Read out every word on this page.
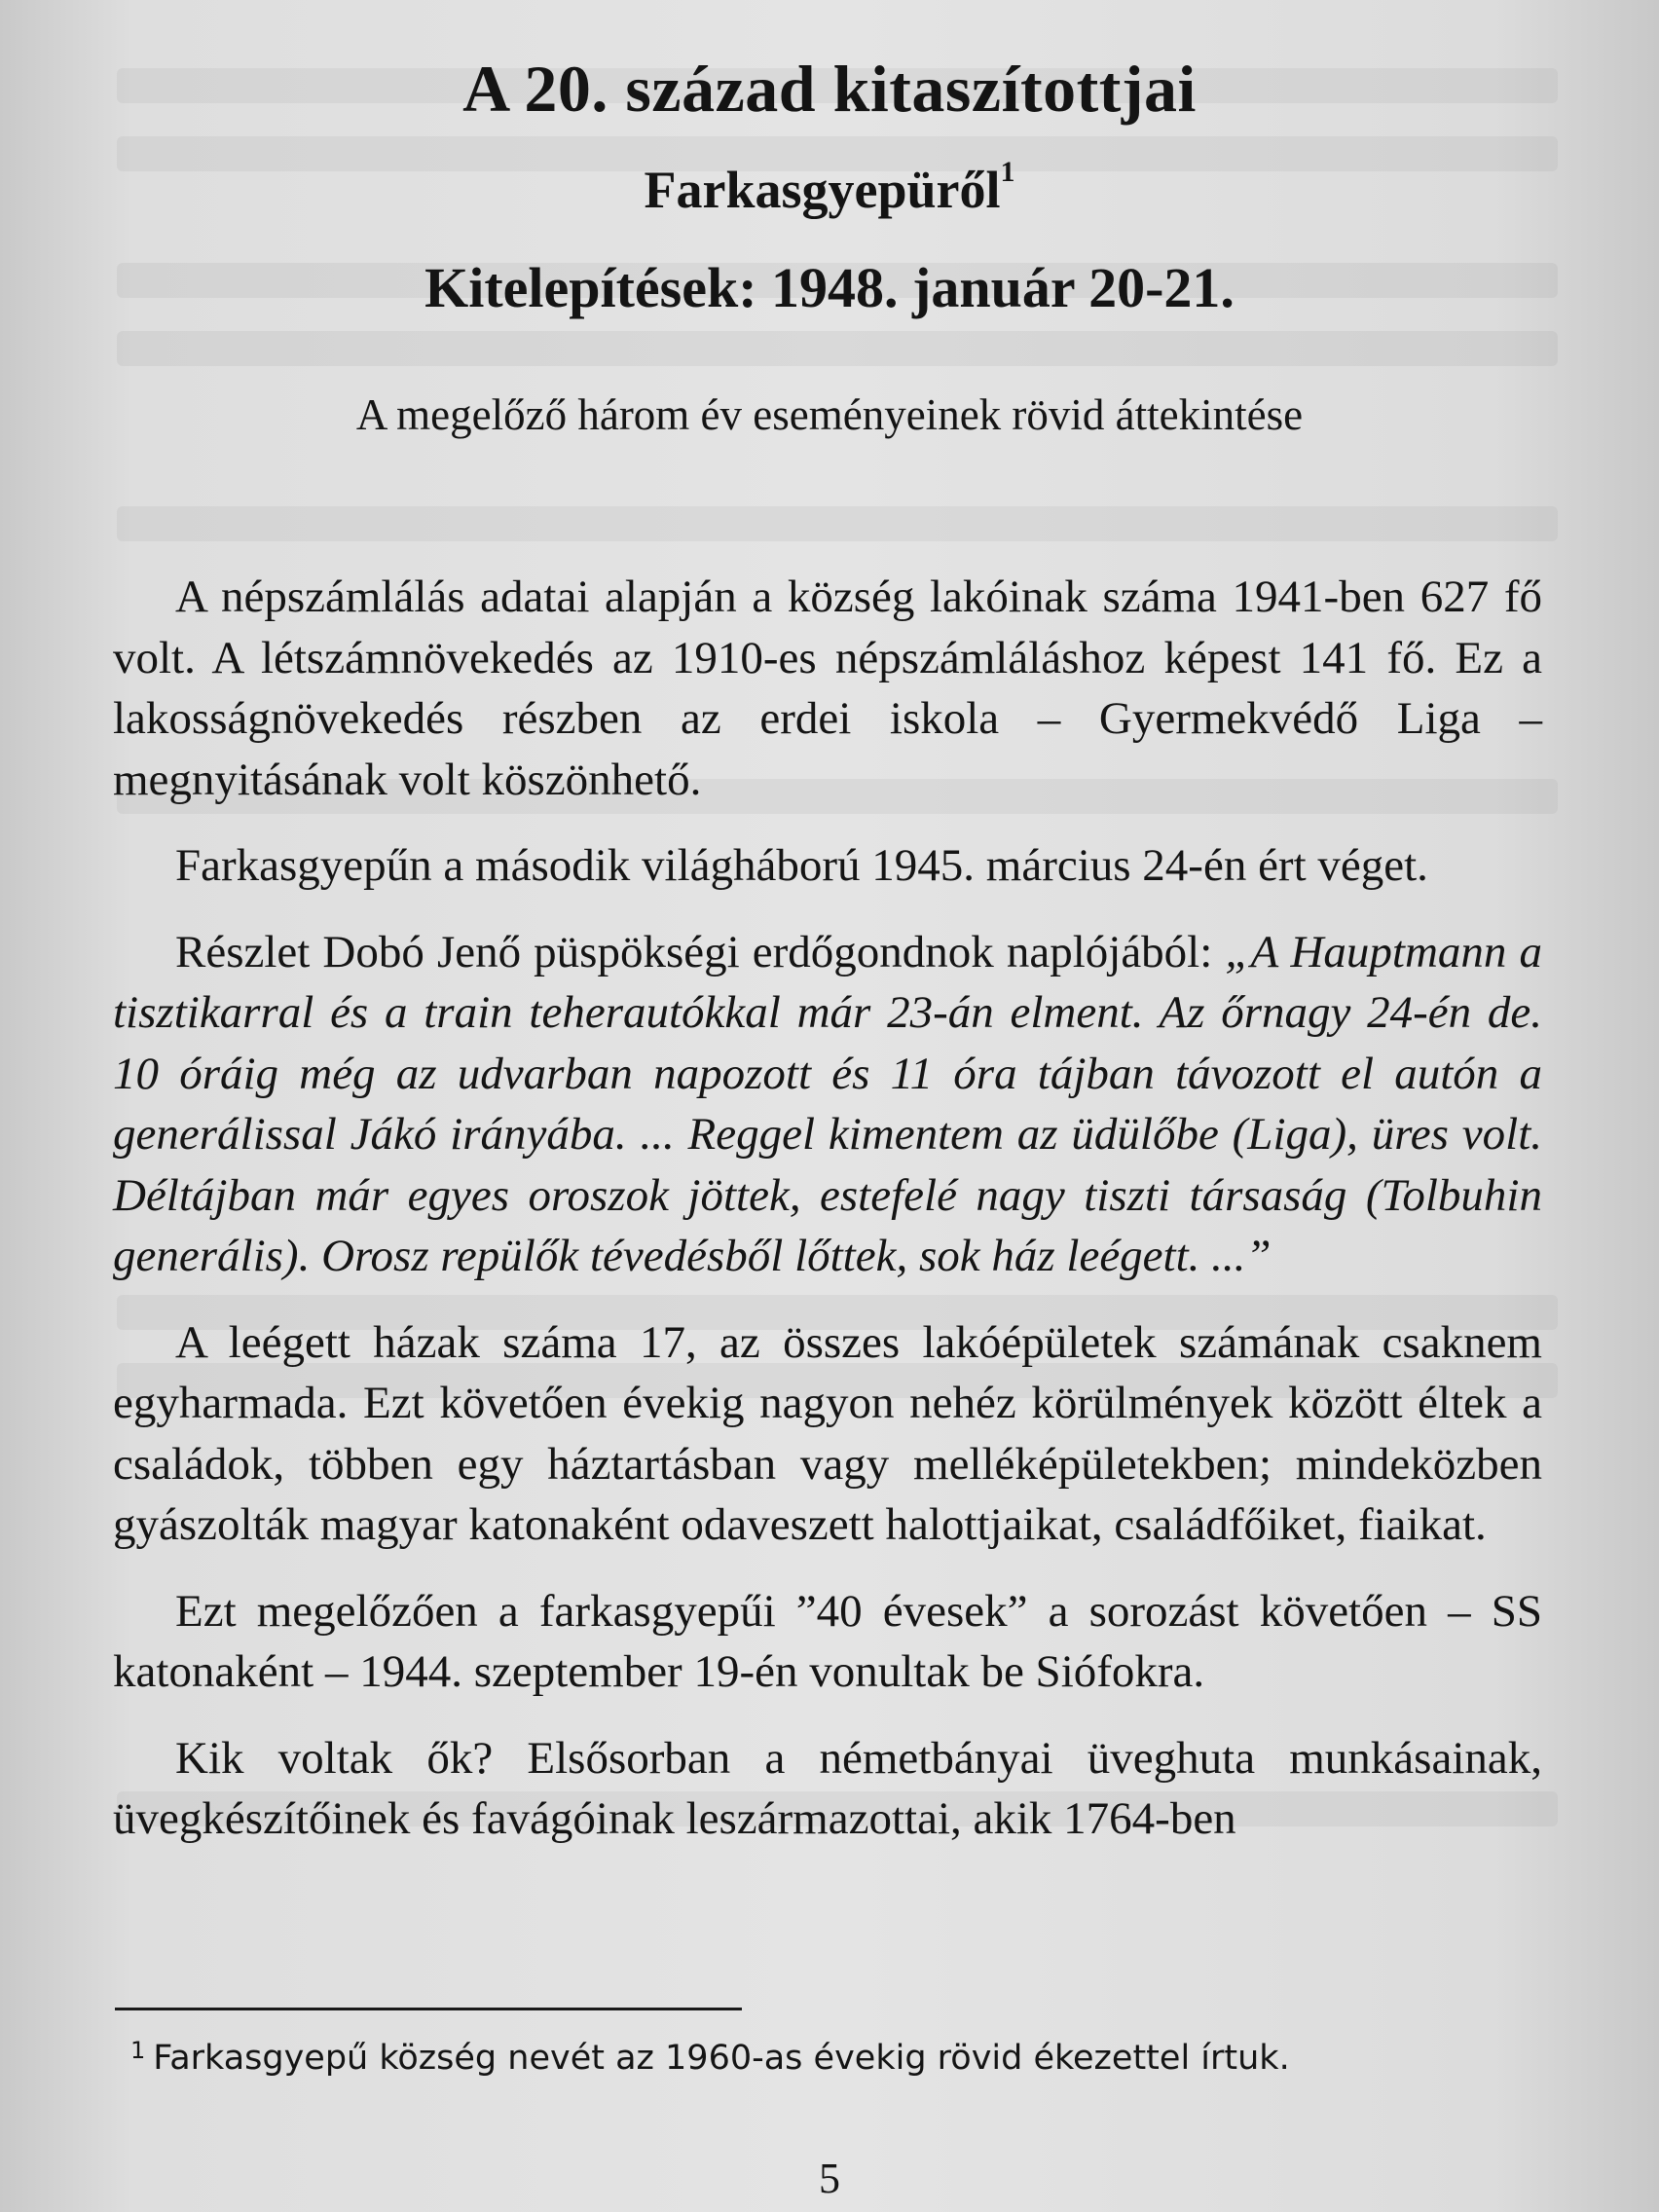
A 20. század kitaszítottjai
Farkasgyepüről$^1$
Kitelepítések: 1948. január 20-21.

A megelőző három év eseményeinek rövid áttekintése

A népszámlálás adatai alapján a község lakóinak száma 1941-ben 627 fő volt. A létszámnövekedés az 1910-es népszámláláshoz képest 141 fő. Ez a lakosságnövekedés részben az erdei iskola – Gyermekvédő Liga – megnyitásának volt köszönhető.

Farkasgyepűn a második világháború 1945. március 24-én ért véget.

Részlet Dobó Jenő püspökségi erdőgondnok naplójából: „A Hauptmann a tisztikarral és a train teherautókkal már 23-án elment. Az őrnagy 24-én de. 10 óráig még az udvarban napozott és 11 óra tájban távozott el autón a generálissal Jákó irányába. ... Reggel kimentem az üdülőbe (Liga), üres volt. Déltájban már egyes oroszok jöttek, estefelé nagy tiszti társaság (Tolbuhin generális). Orosz repülők tévedésből lőttek, sok ház leégett. ...”

A leégett házak száma 17, az összes lakóépületek számának csaknem egyharmada. Ezt követően évekig nagyon nehéz körülmények között éltek a családok, többen egy háztartásban vagy melléképületekben; mindeközben gyászolták magyar katonaként odaveszett halottjaikat, családfőiket, fiaikat.

Ezt megelőzően a farkasgyepűi ”40 évesek” a sorozást követően – SS katonaként – 1944. szeptember 19-én vonultak be Siófokra.

Kik voltak ők? Elsősorban a németbányai üveghuta munkásainak, üvegkészítőinek és favágóinak leszármazottai, akik 1764-ben

$^1$ Farkasgyepű község nevét az 1960-as évekig rövid ékezettel írtuk.

5
